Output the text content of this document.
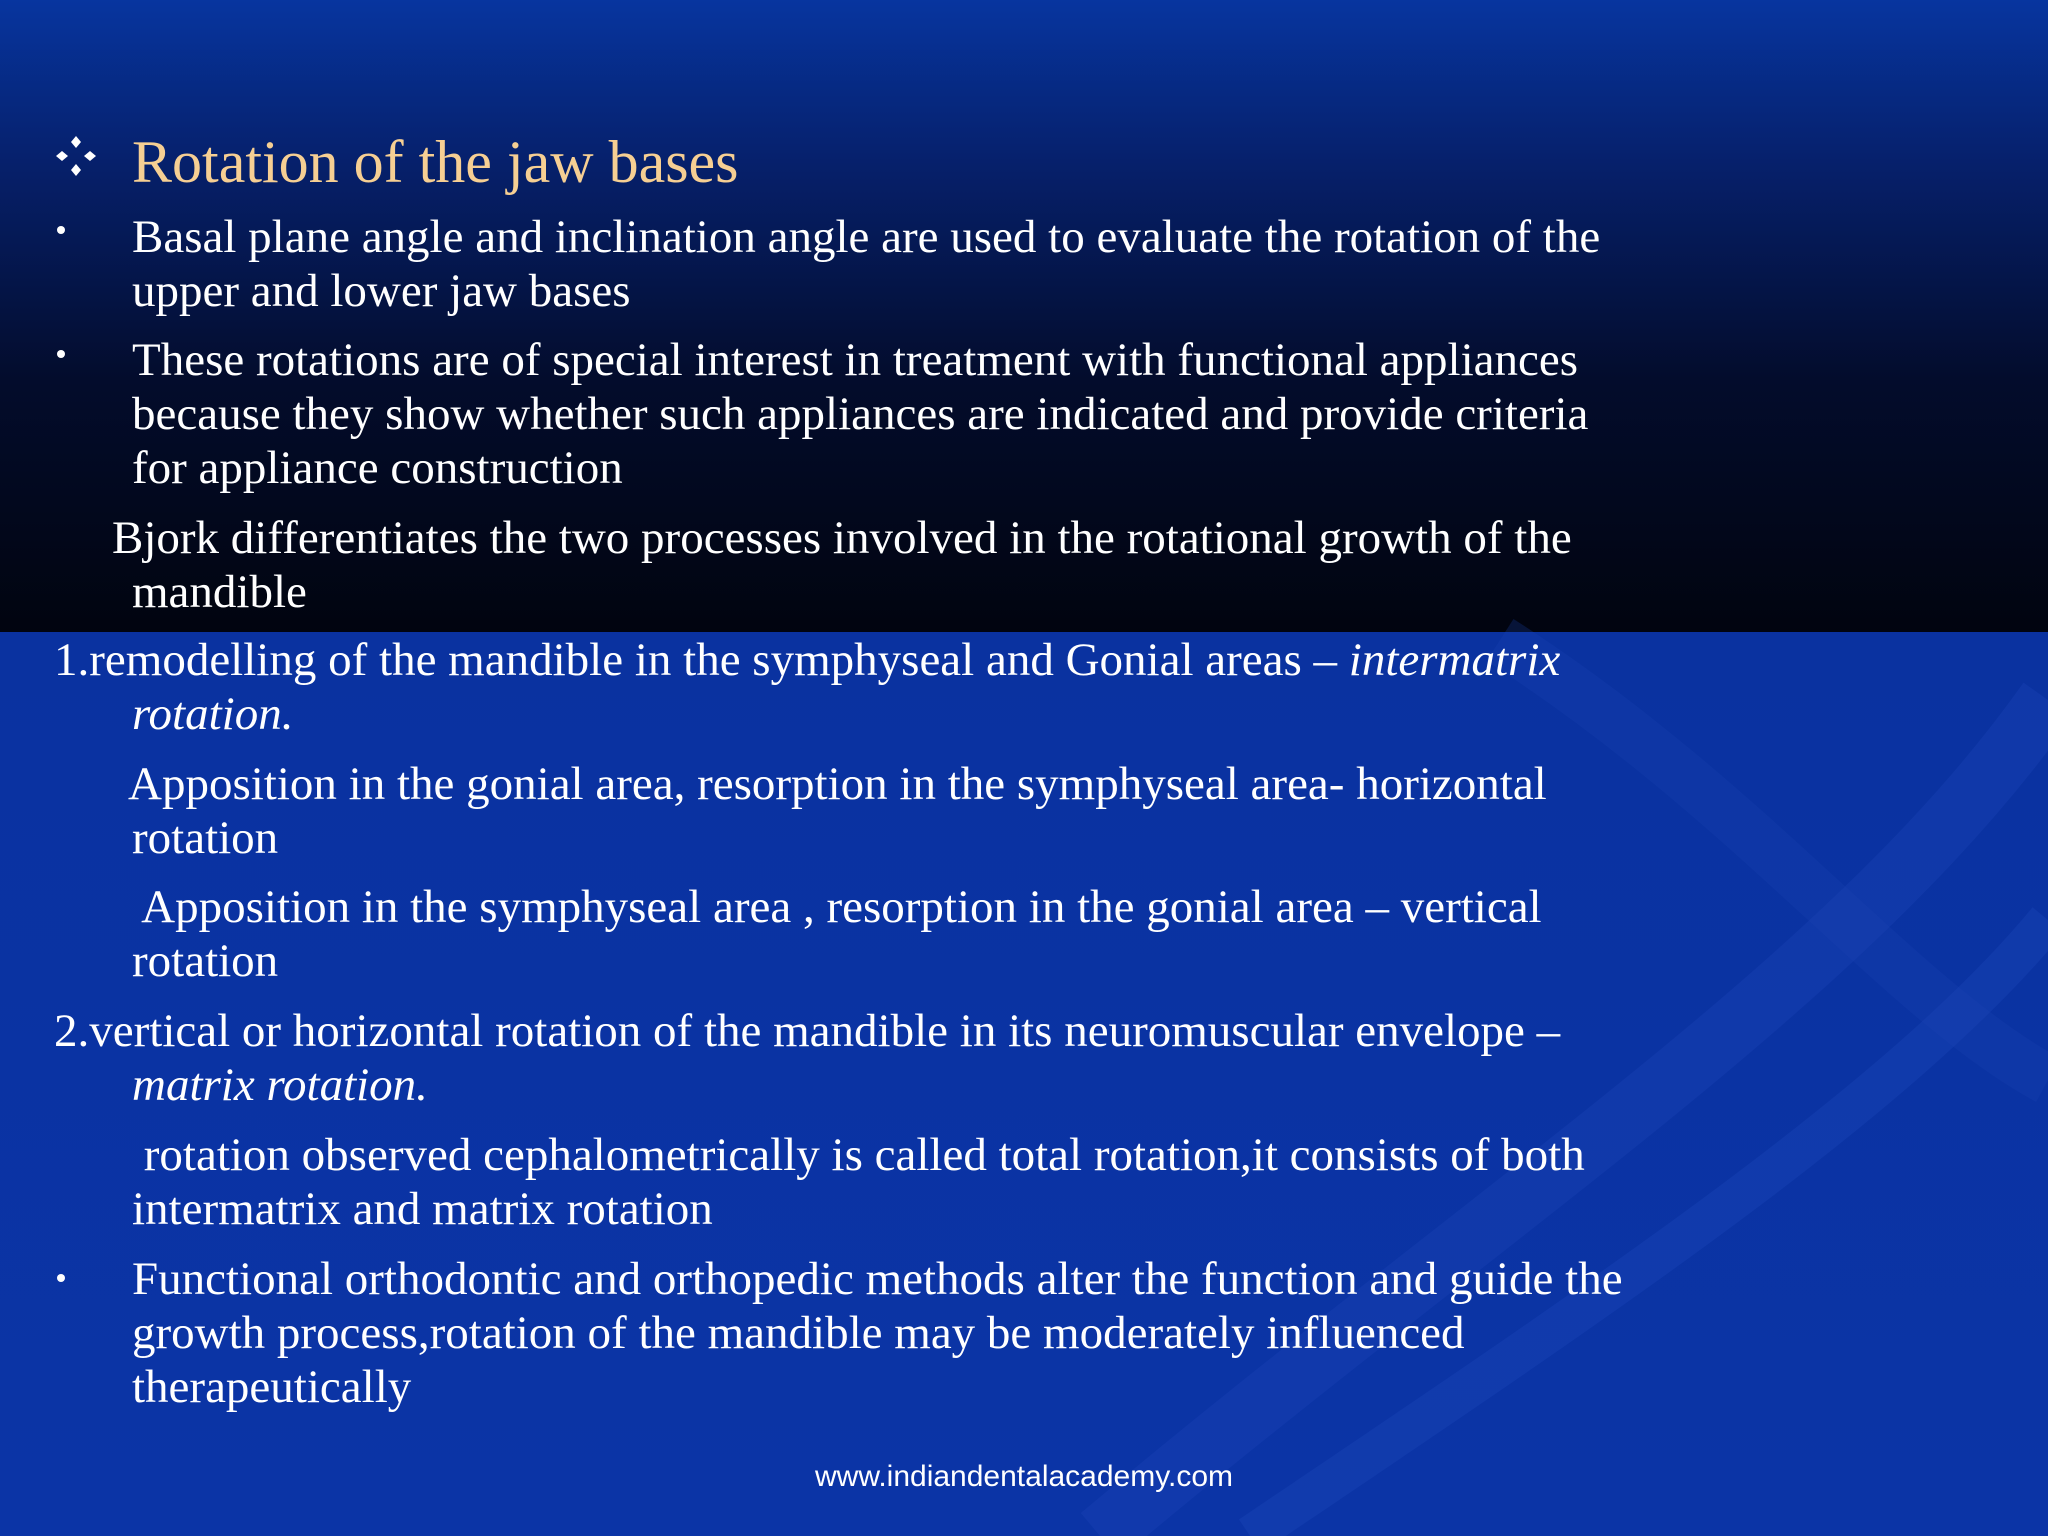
Rotation of the jaw bases

Basal plane angle and inclination angle are used to evaluate the rotation of the

upper and lower jaw bases

These rotations are of special interest in treatment with functional appliances

because they show whether such appliances are indicated and provide criteria

for appliance construction

Bjork differentiates the two processes involved in the rotational growth of the

mandible

1.remodelling of the mandible in the symphyseal and Gonial areas – intermatrix

rotation.

Apposition in the gonial area, resorption in the symphyseal area- horizontal

rotation

Apposition in the symphyseal area , resorption in the gonial area – vertical

rotation

2.vertical or horizontal rotation of the mandible in its neuromuscular envelope –

matrix rotation.

rotation observed cephalometrically is called total rotation,it consists of both

intermatrix and matrix rotation

Functional orthodontic and orthopedic methods alter the function and guide the

growth process,rotation of the mandible may be moderately influenced

therapeutically

www.indiandentalacademy.com
